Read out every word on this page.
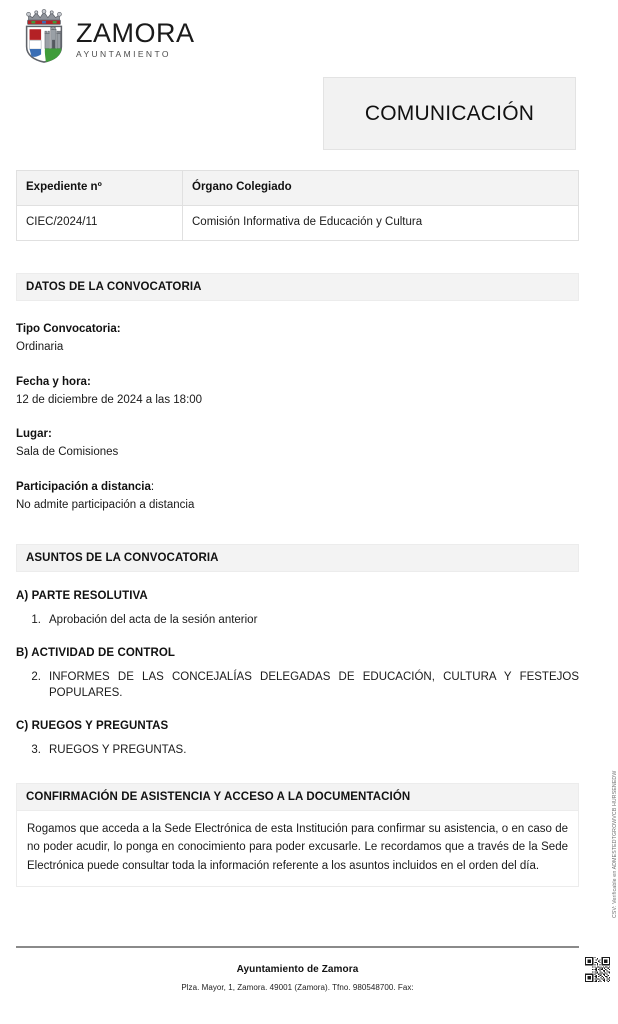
ZAMORA
AYUNTAMIENTO
COMUNICACIÓN
Expediente nº	Órgano Colegiado
CIEC/2024/11	Comisión Informativa de Educación y Cultura
DATOS DE LA CONVOCATORIA
Tipo Convocatoria:
Ordinaria
Fecha y hora:
12 de diciembre de 2024 a las 18:00
Lugar:
Sala de Comisiones
Participación a distancia:
No admite participación a distancia
ASUNTOS DE LA CONVOCATORIA
A) PARTE RESOLUTIVA
1. Aprobación del acta de la sesión anterior
B) ACTIVIDAD DE CONTROL
2. INFORMES DE LAS CONCEJALÍAS DELEGADAS DE EDUCACIÓN, CULTURA Y FESTEJOS POPULARES.
C) RUEGOS Y PREGUNTAS
3. RUEGOS Y PREGUNTAS.
CONFIRMACIÓN DE ASISTENCIA Y ACCESO A LA DOCUMENTACIÓN
Rogamos que acceda a la Sede Electrónica de esta Institución para confirmar su asistencia, o en caso de no poder acudir, lo ponga en conocimiento para poder excusarle. Le recordamos que a través de la Sede Electrónica puede consultar toda la información referente a los asuntos incluidos en el orden del día.
Ayuntamiento de Zamora
Plza. Mayor, 1, Zamora. 49001 (Zamora). Tfno. 980548700. Fax:
CSV: Verificable en ADMESTEDTGROWVCB HURSENEDW
